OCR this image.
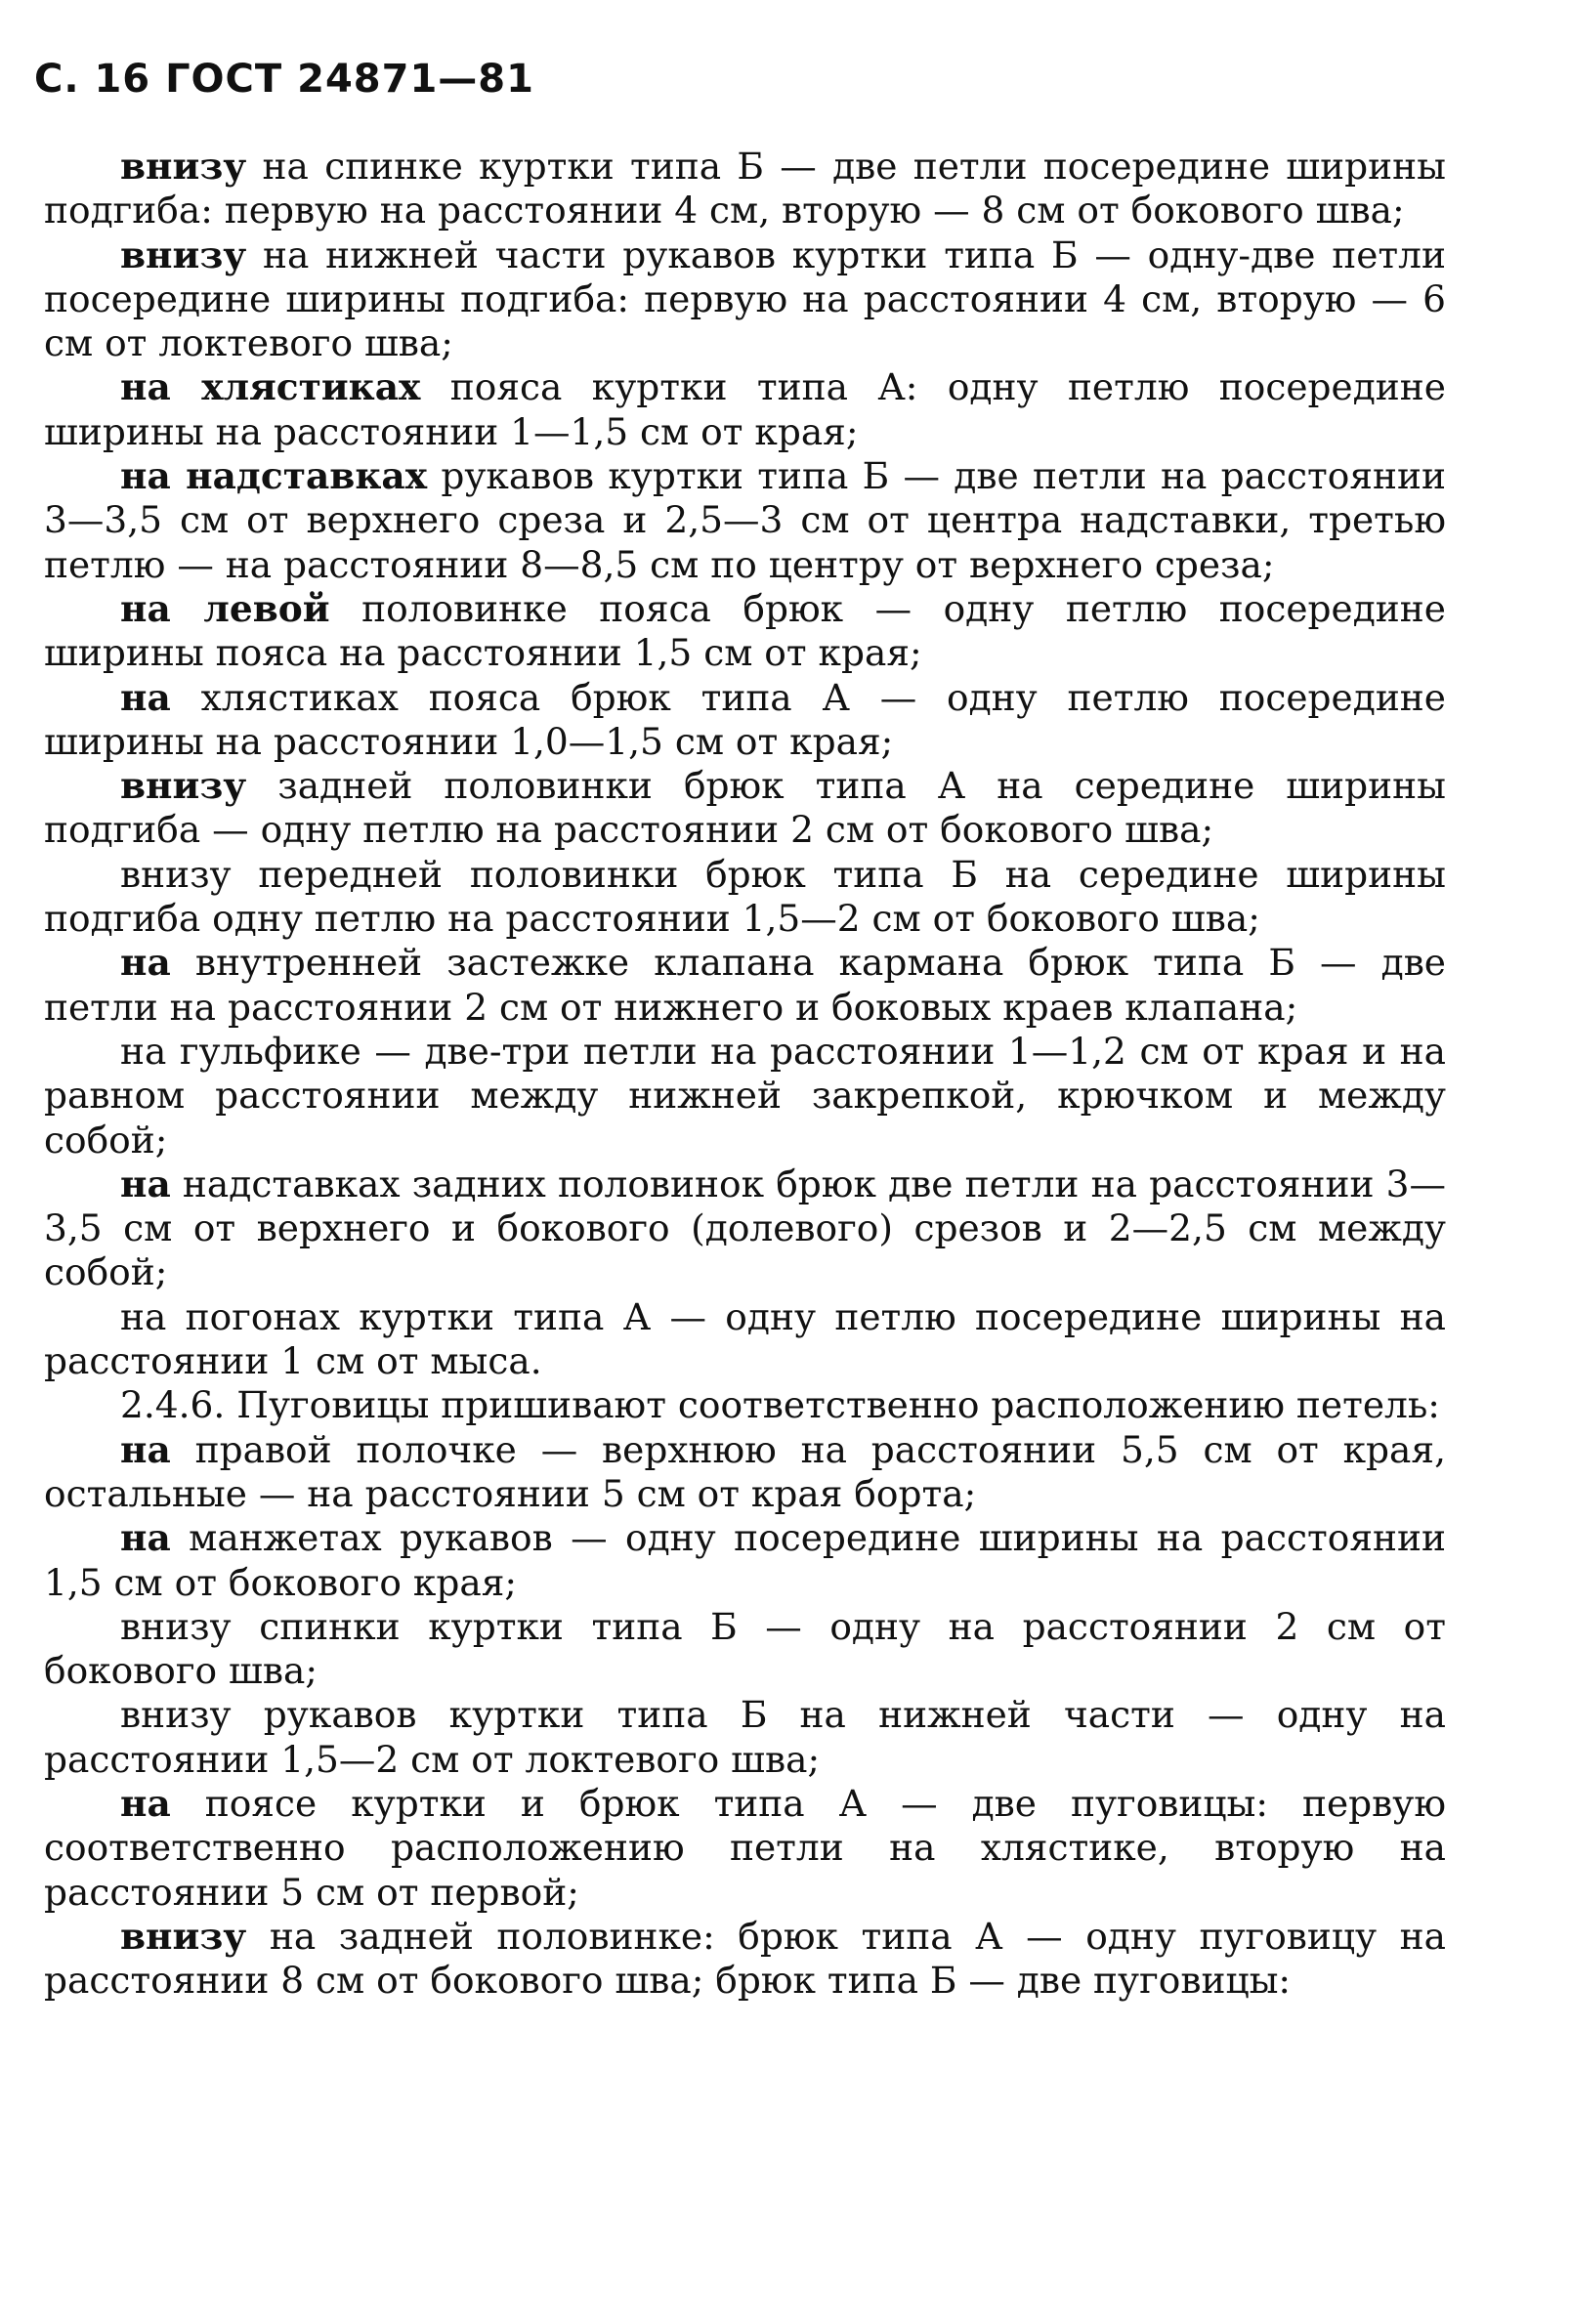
С. 16 ГОСТ 24871—81

внизу на спинке куртки типа Б — две петли посередине ширины подгиба: первую на расстоянии 4 см, вторую — 8 см от бокового шва;

внизу на нижней части рукавов куртки типа Б — одну-две петли посередине ширины подгиба: первую на расстоянии 4 см, вторую — 6 см от локтевого шва;

на хлястиках пояса куртки типа А: одну петлю посередине ширины на расстоянии 1—1,5 см от края;

на надставках рукавов куртки типа Б — две петли на расстоянии 3—3,5 см от верхнего среза и 2,5—3 см от центра надставки, третью петлю — на расстоянии 8—8,5 см по центру от верхнего среза;

на левой половинке пояса брюк — одну петлю посередине ширины пояса на расстоянии 1,5 см от края;

на хлястиках пояса брюк типа А — одну петлю посередине ширины на расстоянии 1,0—1,5 см от края;

внизу задней половинки брюк типа А на середине ширины подгиба — одну петлю на расстоянии 2 см от бокового шва;

внизу передней половинки брюк типа Б на середине ширины подгиба одну петлю на расстоянии 1,5—2 см от бокового шва;

на внутренней застежке клапана кармана брюк типа Б — две петли на расстоянии 2 см от нижнего и боковых краев клапана;

на гульфике — две-три петли на расстоянии 1—1,2 см от края и на равном расстоянии между нижней закрепкой, крючком и между собой;

на надставках задних половинок брюк две петли на расстоянии 3—3,5 см от верхнего и бокового (долевого) срезов и 2—2,5 см между собой;

на погонах куртки типа А — одну петлю посередине ширины на расстоянии 1 см от мыса.

2.4.6. Пуговицы пришивают соответственно расположению петель:

на правой полочке — верхнюю на расстоянии 5,5 см от края, остальные — на расстоянии 5 см от края борта;

на манжетах рукавов — одну посередине ширины на расстоянии 1,5 см от бокового края;

внизу спинки куртки типа Б — одну на расстоянии 2 см от бокового шва;

внизу рукавов куртки типа Б на нижней части — одну на расстоянии 1,5—2 см от локтевого шва;

на поясе куртки и брюк типа А — две пуговицы: первую соответственно расположению петли на хлястике, вторую на расстоянии 5 см от первой;

внизу на задней половинке: брюк типа А — одну пуговицу на расстоянии 8 см от бокового шва; брюк типа Б — две пуговицы:
